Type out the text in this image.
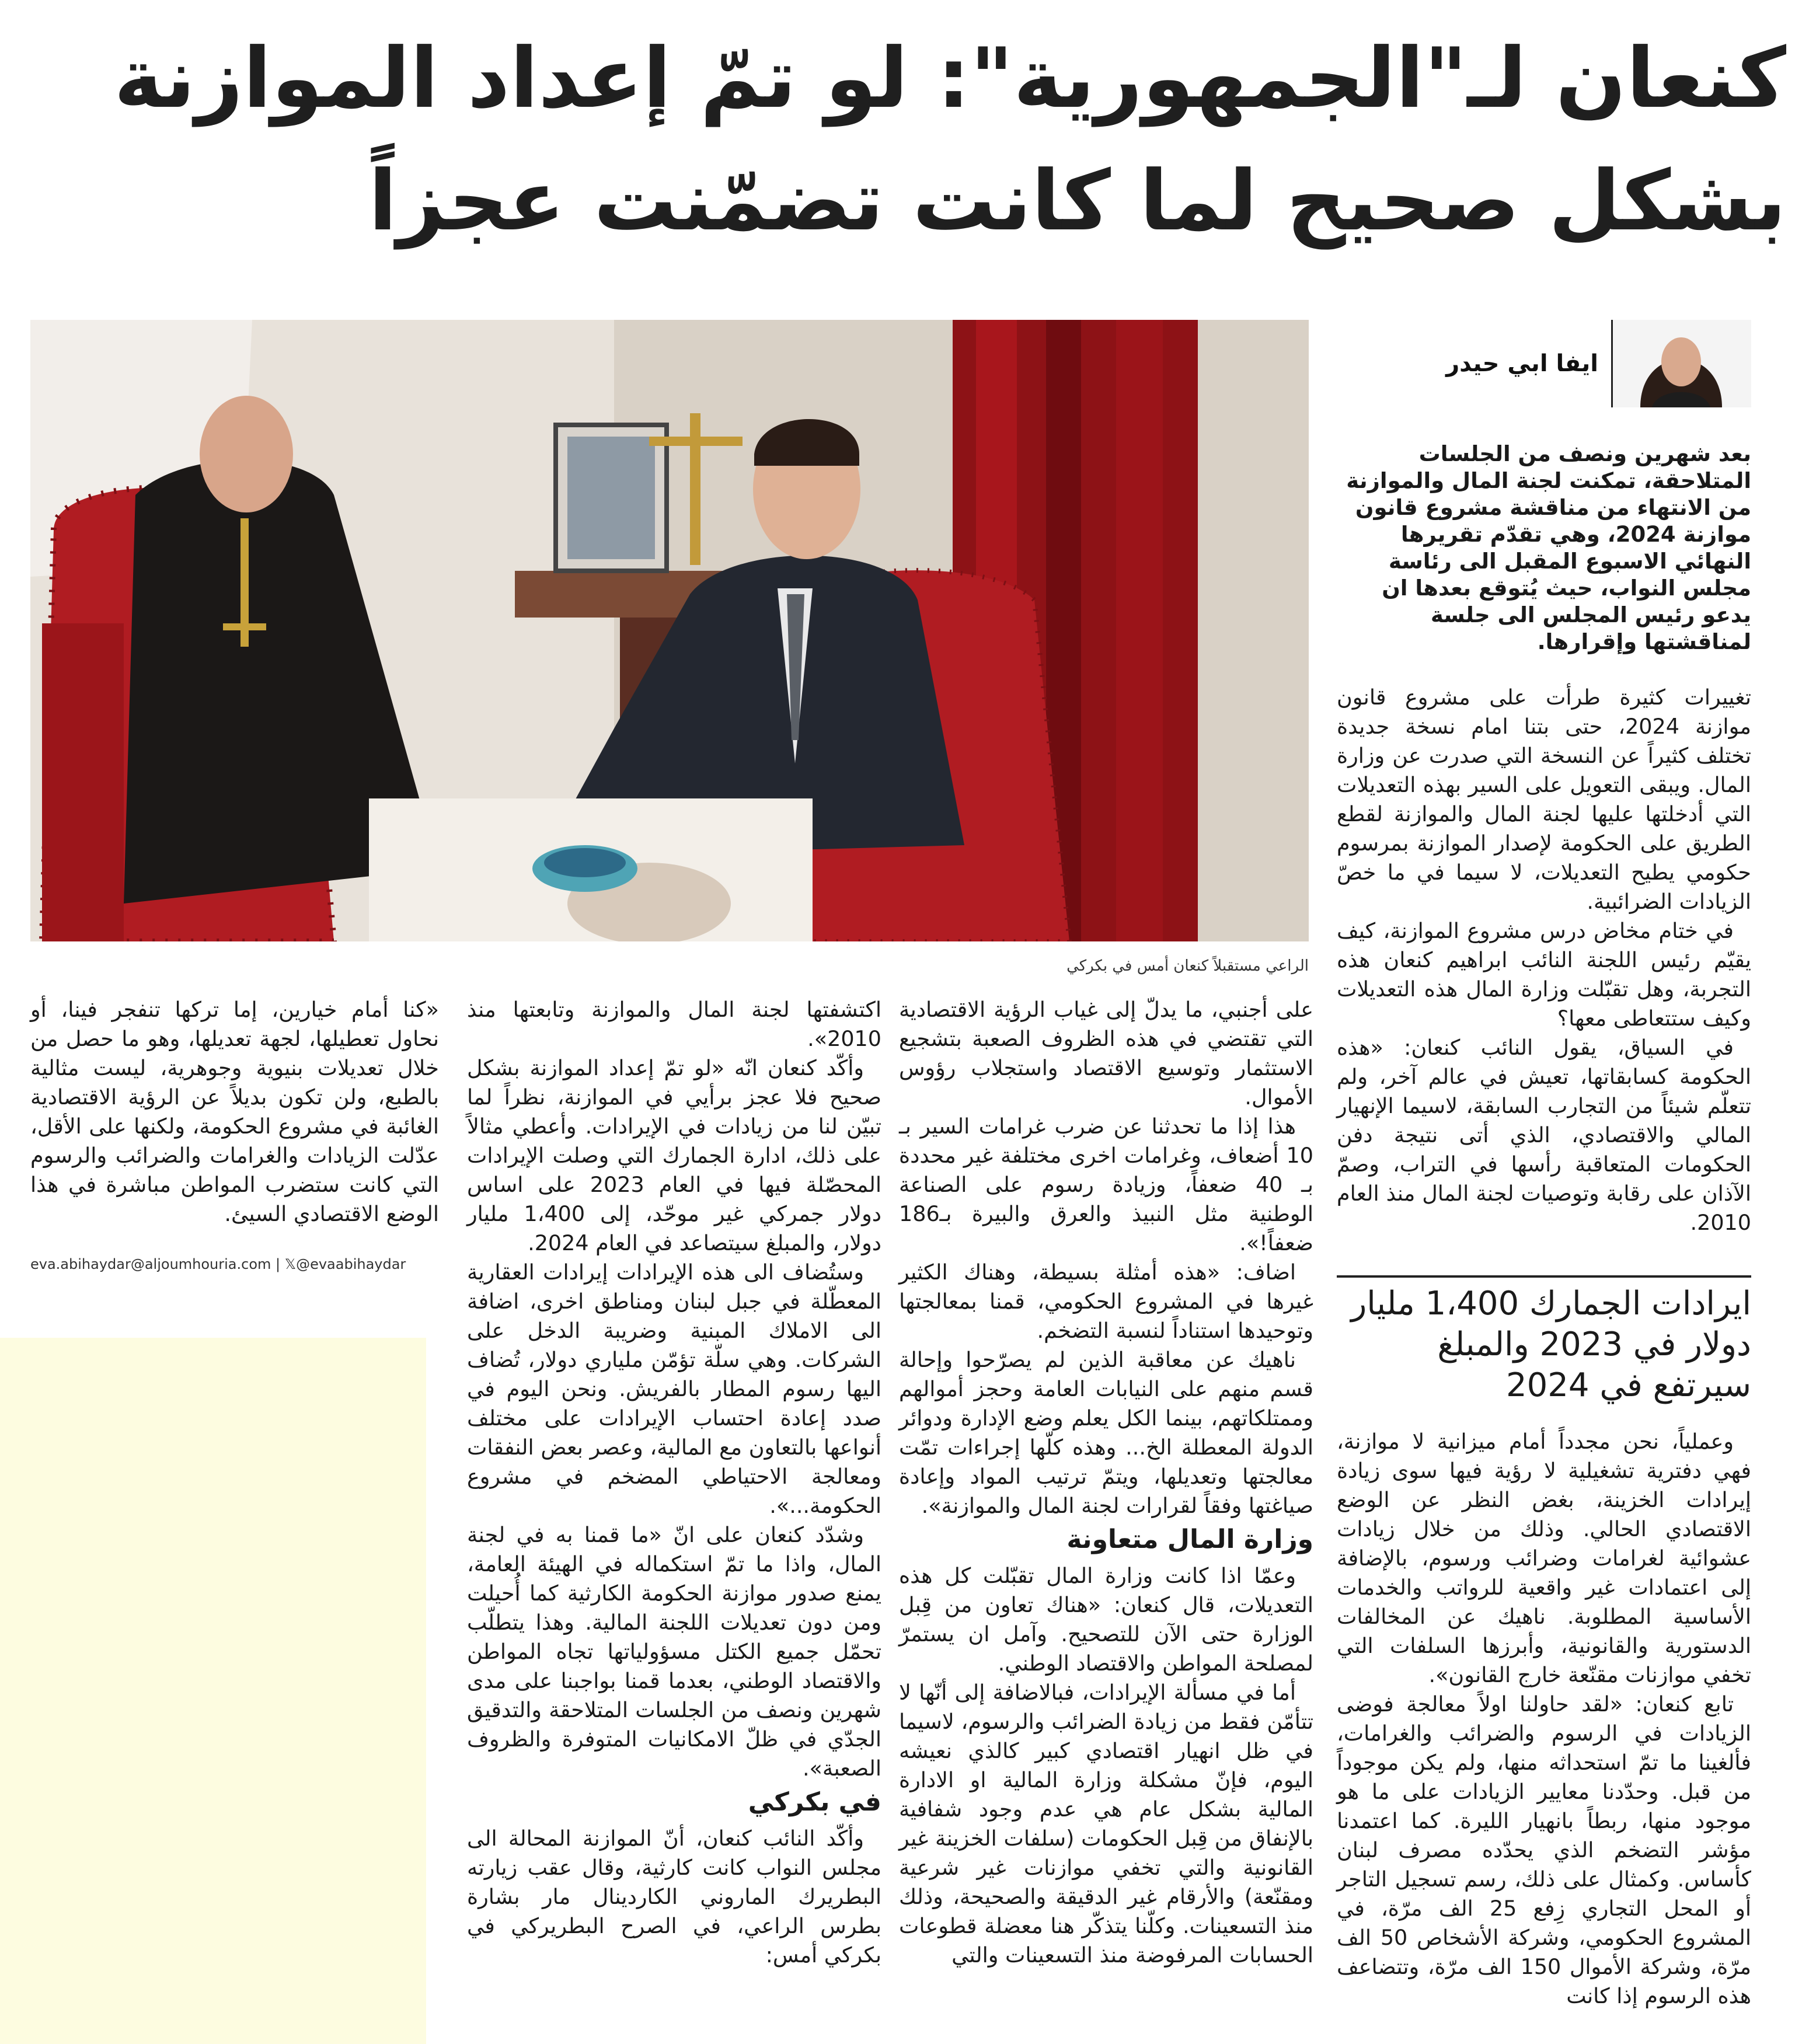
كنعان لـ"الجمهورية": لو تمّ إعداد الموازنة
بشكل صحيح لما كانت تضمّنت عجزاً
الراعي مستقبلاً كنعان أمس في بكركي
ايفا ابي حيدر
بعد شهرين ونصف من الجلسات المتلاحقة، تمكنت لجنة المال والموازنة من الانتهاء من مناقشة مشروع قانون موازنة 2024، وهي تقدّم تقريرها النهائي الاسبوع المقبل الى رئاسة مجلس النواب، حيث يُتوقع بعدها ان يدعو رئيس المجلس الى جلسة لمناقشتها وإقرارها.

تغييرات كثيرة طرأت على مشروع قانون موازنة 2024، حتى بتنا امام نسخة جديدة تختلف كثيراً عن النسخة التي صدرت عن وزارة المال. ويبقى التعويل على السير بهذه التعديلات التي أدخلتها عليها لجنة المال والموازنة لقطع الطريق على الحكومة لإصدار الموازنة بمرسوم حكومي يطيح التعديلات، لا سيما في ما خصّ الزيادات الضرائبية.

في ختام مخاض درس مشروع الموازنة، كيف يقيّم رئيس اللجنة النائب ابراهيم كنعان هذه التجربة، وهل تقبّلت وزارة المال هذه التعديلات وكيف ستتعاطى معها؟

في السياق، يقول النائب كنعان: «هذه الحكومة كسابقاتها، تعيش في عالم آخر، ولم تتعلّم شيئاً من التجارب السابقة، لاسيما الإنهيار المالي والاقتصادي، الذي أتى نتيجة دفن الحكومات المتعاقبة رأسها في التراب، وصمّ الآذان على رقابة وتوصيات لجنة المال منذ العام 2010.

ايرادات الجمارك 1،400 مليار دولار في 2023 والمبلغ سيرتفع في 2024

وعملياً، نحن مجدداً أمام ميزانية لا موازنة، فهي دفترية تشغيلية لا رؤية فيها سوى زيادة إيرادات الخزينة، بغض النظر عن الوضع الاقتصادي الحالي. وذلك من خلال زيادات عشوائية لغرامات وضرائب ورسوم، بالإضافة إلى اعتمادات غير واقعية للرواتب والخدمات الأساسية المطلوبة. ناهيك عن المخالفات الدستورية والقانونية، وأبرزها السلفات التي تخفي موازنات مقنّعة خارج القانون».

تابع كنعان: «لقد حاولنا اولاً معالجة فوضى الزيادات في الرسوم والضرائب والغرامات، فألغينا ما تمّ استحداثه منها، ولم يكن موجوداً من قبل. وحدّدنا معايير الزيادات على ما هو موجود منها، ربطاً بانهيار الليرة. كما اعتمدنا مؤشر التضخم الذي يحدّده مصرف لبنان كأساس. وكمثال على ذلك، رسم تسجيل التاجر أو المحل التجاري زِفع 25 الف مرّة، في المشروع الحكومي، وشركة الأشخاص 50 الف مرّة، وشركة الأموال 150 الف مرّة، وتتضاعف هذه الرسوم إذا كانت

على أجنبي، ما يدلّ إلى غياب الرؤية الاقتصادية التي تقتضي في هذه الظروف الصعبة بتشجيع الاستثمار وتوسيع الاقتصاد واستجلاب رؤوس الأموال.

هذا إذا ما تحدثنا عن ضرب غرامات السير بـ 10 أضعاف، وغرامات اخرى مختلفة غير محددة بـ 40 ضعفاً، وزيادة رسوم على الصناعة الوطنية مثل النبيذ والعرق والبيرة بـ186 ضعفاً!».

اضاف: «هذه أمثلة بسيطة، وهناك الكثير غيرها في المشروع الحكومي، قمنا بمعالجتها وتوحيدها استناداً لنسبة التضخم.

ناهيك عن معاقبة الذين لم يصرّحوا وإحالة قسم منهم على النيابات العامة وحجز أموالهم وممتلكاتهم، بينما الكل يعلم وضع الإدارة ودوائر الدولة المعطلة الخ... وهذه كلّها إجراءات تمّت معالجتها وتعديلها، ويتمّ ترتيب المواد وإعادة صياغتها وفقاً لقرارات لجنة المال والموازنة».

وزارة المال متعاونة

وعمّا اذا كانت وزارة المال تقبّلت كل هذه التعديلات، قال كنعان: «هناك تعاون من قِبل الوزارة حتى الآن للتصحيح. وآمل ان يستمرّ لمصلحة المواطن والاقتصاد الوطني.

أما في مسألة الإيرادات، فبالاضافة إلى أنّها لا تتأمّن فقط من زيادة الضرائب والرسوم، لاسيما في ظل انهيار اقتصادي كبير كالذي نعيشه اليوم، فإنّ مشكلة وزارة المالية او الادارة المالية بشكل عام هي عدم وجود شفافية بالإنفاق من قِبل الحكومات (سلفات الخزينة غير القانونية والتي تخفي موازنات غير شرعية ومقنّعة) والأرقام غير الدقيقة والصحيحة، وذلك منذ التسعينات. وكلّنا يتذكّر هنا معضلة قطوعات الحسابات المرفوضة منذ التسعينات والتي

اكتشفتها لجنة المال والموازنة وتابعتها منذ 2010».

وأكّد كنعان انّه «لو تمّ إعداد الموازنة بشكل صحيح فلا عجز برأيي في الموازنة، نظراً لما تبيّن لنا من زيادات في الإيرادات. وأعطي مثالاً على ذلك، ادارة الجمارك التي وصلت الإيرادات المحصّلة فيها في العام 2023 على اساس دولار جمركي غير موحّد، إلى 1،400 مليار دولار، والمبلغ سيتصاعد في العام 2024.

وستُضاف الى هذه الإيرادات إيرادات العقارية المعطّلة في جبل لبنان ومناطق اخرى، اضافة الى الاملاك المبنية وضريبة الدخل على الشركات. وهي سلّة تؤمّن ملياري دولار، تُضاف اليها رسوم المطار بالفريش. ونحن اليوم في صدد إعادة احتساب الإيرادات على مختلف أنواعها بالتعاون مع المالية، وعصر بعض النفقات ومعالجة الاحتياطي المضخم في مشروع الحكومة...».

وشدّد كنعان على انّ «ما قمنا به في لجنة المال، واذا ما تمّ استكماله في الهيئة العامة، يمنع صدور موازنة الحكومة الكارثية كما أُحيلت ومن دون تعديلات اللجنة المالية. وهذا يتطلّب تحمّل جميع الكتل مسؤولياتها تجاه المواطن والاقتصاد الوطني، بعدما قمنا بواجبنا على مدى شهرين ونصف من الجلسات المتلاحقة والتدقيق الجدّي في ظلّ الامكانيات المتوفرة والظروف الصعبة».

في بكركي

وأكّد النائب كنعان، أنّ الموازنة المحالة الى مجلس النواب كانت كارثية، وقال عقب زيارته البطريرك الماروني الكاردينال مار بشارة بطرس الراعي، في الصرح البطريركي في بكركي أمس:

«كنا أمام خيارين، إما تركها تنفجر فينا، أو نحاول تعطيلها، لجهة تعديلها، وهو ما حصل من خلال تعديلات بنيوية وجوهرية، ليست مثالية بالطبع، ولن تكون بديلاً عن الرؤية الاقتصادية الغائبة في مشروع الحكومة، ولكنها على الأقل، عدّلت الزيادات والغرامات والضرائب والرسوم التي كانت ستضرب المواطن مباشرة في هذا الوضع الاقتصادي السيئ.

eva.abihaydar@aljoumhouria.com | 𝕏@evaabihaydar
